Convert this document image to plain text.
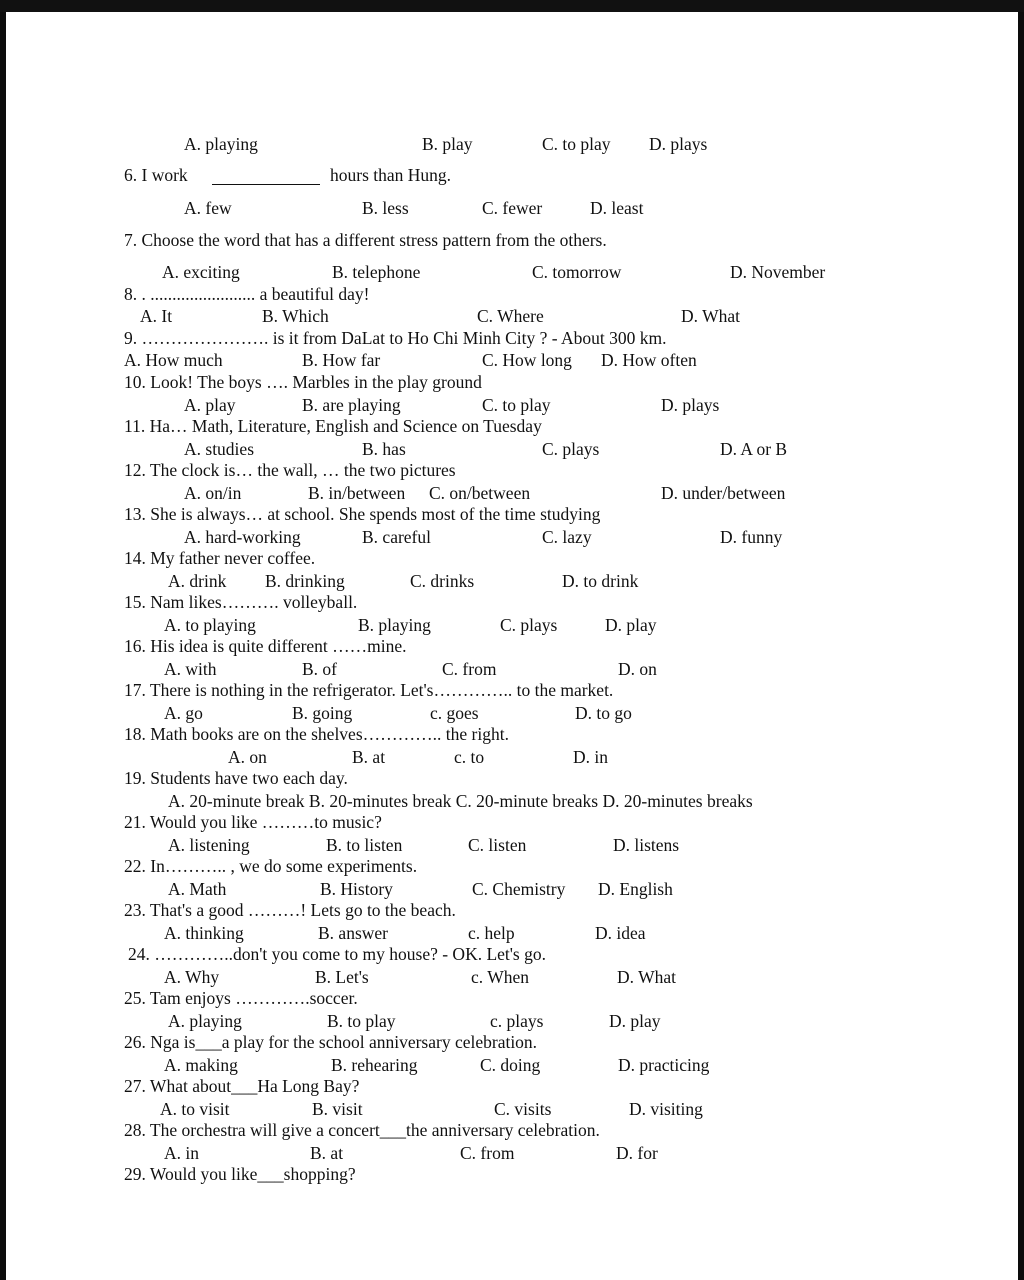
A. playing	B. play	C. to play D. plays
6. I work	hours than Hung.
A. few	B. less	C. fewer	D. least
7. Choose the word that has a different stress pattern from the others.
A. exciting	B. telephone	C. tomorrow	D. November
8. . ........................ a beautiful day!
A. It	B. Which	C. Where	D. What
9. …………………. is it from DaLat to Ho Chi Minh City ? - About 300 km.
A. How much	B. How far	C. How long D. How often
10. Look! The boys …. Marbles in the play ground
A. play	B. are playing	C. to play	D. plays
11. Ha… Math, Literature, English and Science on Tuesday
A. studies	B. has	C. plays	D. A or B
12. The clock is… the wall, … the two pictures
A. on/in	B. in/between C. on/between	D. under/between
13. She is always… at school. She spends most of the time studying
A. hard-working	B. careful	C. lazy	D. funny
14. My father never coffee.
A. drink B. drinking	C. drinks	D. to drink
15. Nam likes………. volleyball.
A. to playing	B. playing	C. plays	D. play
16. His idea is quite different ……mine.
A. with	B. of	C. from	D. on
17. There is nothing in the refrigerator. Let's………….. to the market.
A. go	B. going	c. goes	D. to go
18. Math books are on the shelves………….. the right.
A. on	B. at	c. to	D. in
19. Students have two each day.
A. 20-minute break B. 20-minutes break C. 20-minute breaks D. 20-minutes breaks
21. Would you like ………to music?
A. listening	B. to listen	C. listen	D. listens
22. In……….. , we do some experiments.
A. Math	B. History	C. Chemistry D. English
23. That's a good ………! Lets go to the beach.
A. thinking	B. answer	c. help	D. idea
24. …………..don't you come to my house? - OK. Let's go.
A. Why	B. Let's	c. When	D. What
25. Tam enjoys ………….soccer.
A. playing	B. to play	c. plays	D. play
26. Nga is___a play for the school anniversary celebration.
A. making	B. rehearing	C. doing	D. practicing
27. What about___Ha Long Bay?
A. to visit	B. visit	C. visits	D. visiting
28. The orchestra will give a concert___the anniversary celebration.
A. in	B. at	C. from	D. for
29. Would you like___shopping?
